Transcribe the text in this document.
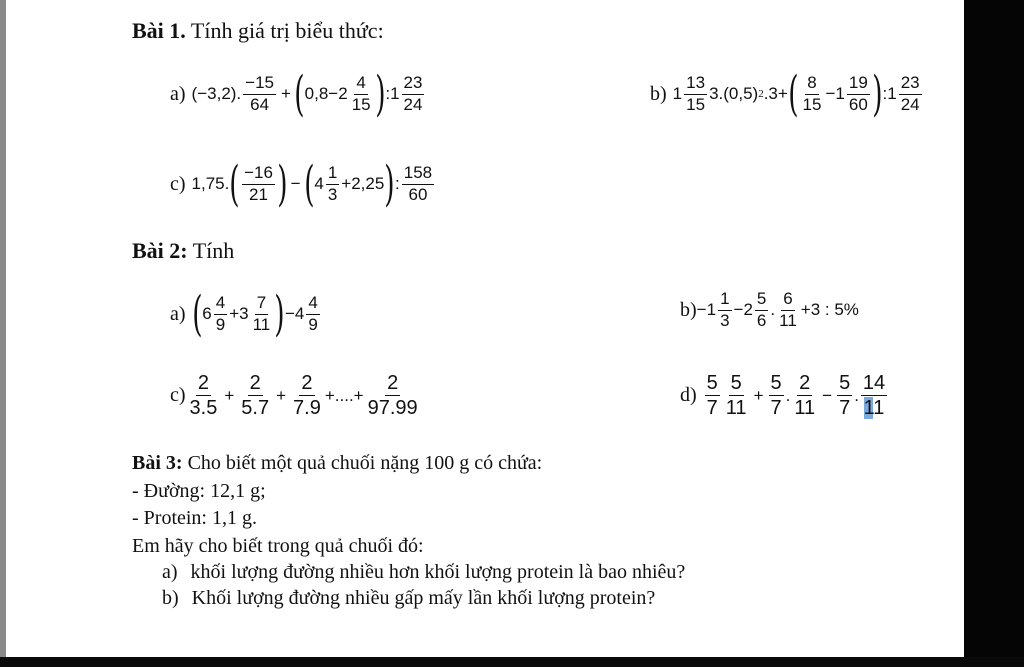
Bài 1. Tính giá trị biểu thức:
a) (−3,2). $\frac{-15}{64}$ + ( $0,8-2 \frac{4}{15}$ ) :1 $\frac{23}{24}$	b) $1 \frac{13}{15} 3.(0,5)$ 2 .3+ ( $\frac{8}{15} -1 \frac{19}{60}$ ) :1 $\frac{23}{24}$
c) 1,75. ( $\frac{-16}{21}$ ) − ( $4 \frac{1}{3} +2,25$ ) : $\frac{158}{60}$
Bài 2: Tính
a) ( $6 \frac{4}{9} +3 \frac{7}{11}$ ) $-4 \frac{4}{9}$	$b) -1 \frac{1}{3} -2 \frac{5}{6}$ . $\frac{6}{11} +3$ : 5%
$c) \frac{2}{3.5} + \frac{2}{5.7} + \frac{2}{7.9}$ +....+ $\frac{2}{97.99}$	$d) \frac{5}{7} \frac{5}{11} + \frac{5}{7}$ . $\frac{2}{11} - \frac{5}{7}$ . $\frac{14}{11}$
Bài 3: Cho biết một quả chuối nặng 100 g có chứa:
- Đường: 12,1 g;
- Protein: 1,1 g.
Em hãy cho biết trong quả chuối đó:
a) khối lượng đường nhiều hơn khối lượng protein là bao nhiêu?
b) Khối lượng đường nhiều gấp mấy lần khối lượng protein?
